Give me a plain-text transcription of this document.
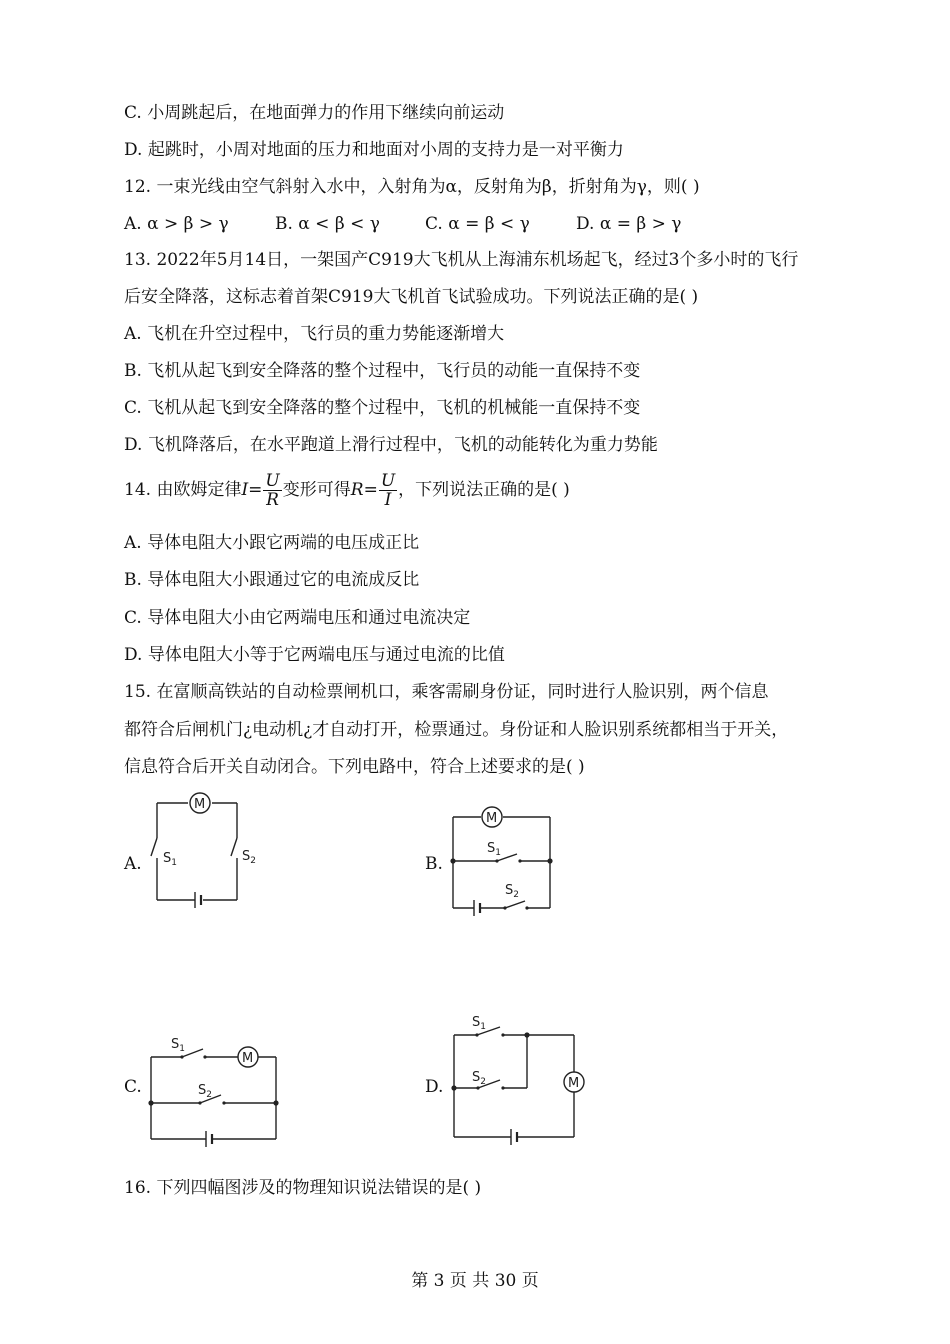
C. 小周跳起后，在地面弹力的作用下继续向前运动
D. 起跳时，小周对地面的压力和地面对小周的支持力是一对平衡力
12. 一束光线由空气斜射入水中，入射角为α，反射角为β，折射角为γ，则( )
A. α > β > γ	B. α < β < γ	C. α = β < γ	D. α = β > γ
13. 2022年5月14日，一架国产C919大飞机从上海浦东机场起飞，经过3个多小时的飞行
后安全降落，这标志着首架C919大飞机首飞试验成功。下列说法正确的是( )
A. 飞机在升空过程中，飞行员的重力势能逐渐增大
B. 飞机从起飞到安全降落的整个过程中，飞行员的动能一直保持不变
C. 飞机从起飞到安全降落的整个过程中，飞机的机械能一直保持不变
D. 飞机降落后，在水平跑道上滑行过程中，飞机的动能转化为重力势能
14. 由欧姆定律$I= \frac{U}{R}$ 变形可得$R= \frac{U}{I}$ ，下列说法正确的是( )
A. 导体电阻大小跟它两端的电压成正比
B. 导体电阻大小跟通过它的电流成反比
C. 导体电阻大小由它两端电压和通过电流决定
D. 导体电阻大小等于它两端电压与通过电流的比值
15. 在富顺高铁站的自动检票闸机口，乘客需刷身份证，同时进行人脸识别，两个信息
都符合后闸机门¿电动机¿才自动打开，检票通过。身份证和人脸识别系统都相当于开关，
信息符合后开关自动闭合。下列电路中，符合上述要求的是( )
A.
M
$S_1$	$S_2$	B.
M
$S_1$
$S_2$
C.
M
$S_1$
$S_2$	D.	M
$S_1$
$S_2$
16. 下列四幅图涉及的物理知识说法错误的是( )
第 3 页 共 30 页
